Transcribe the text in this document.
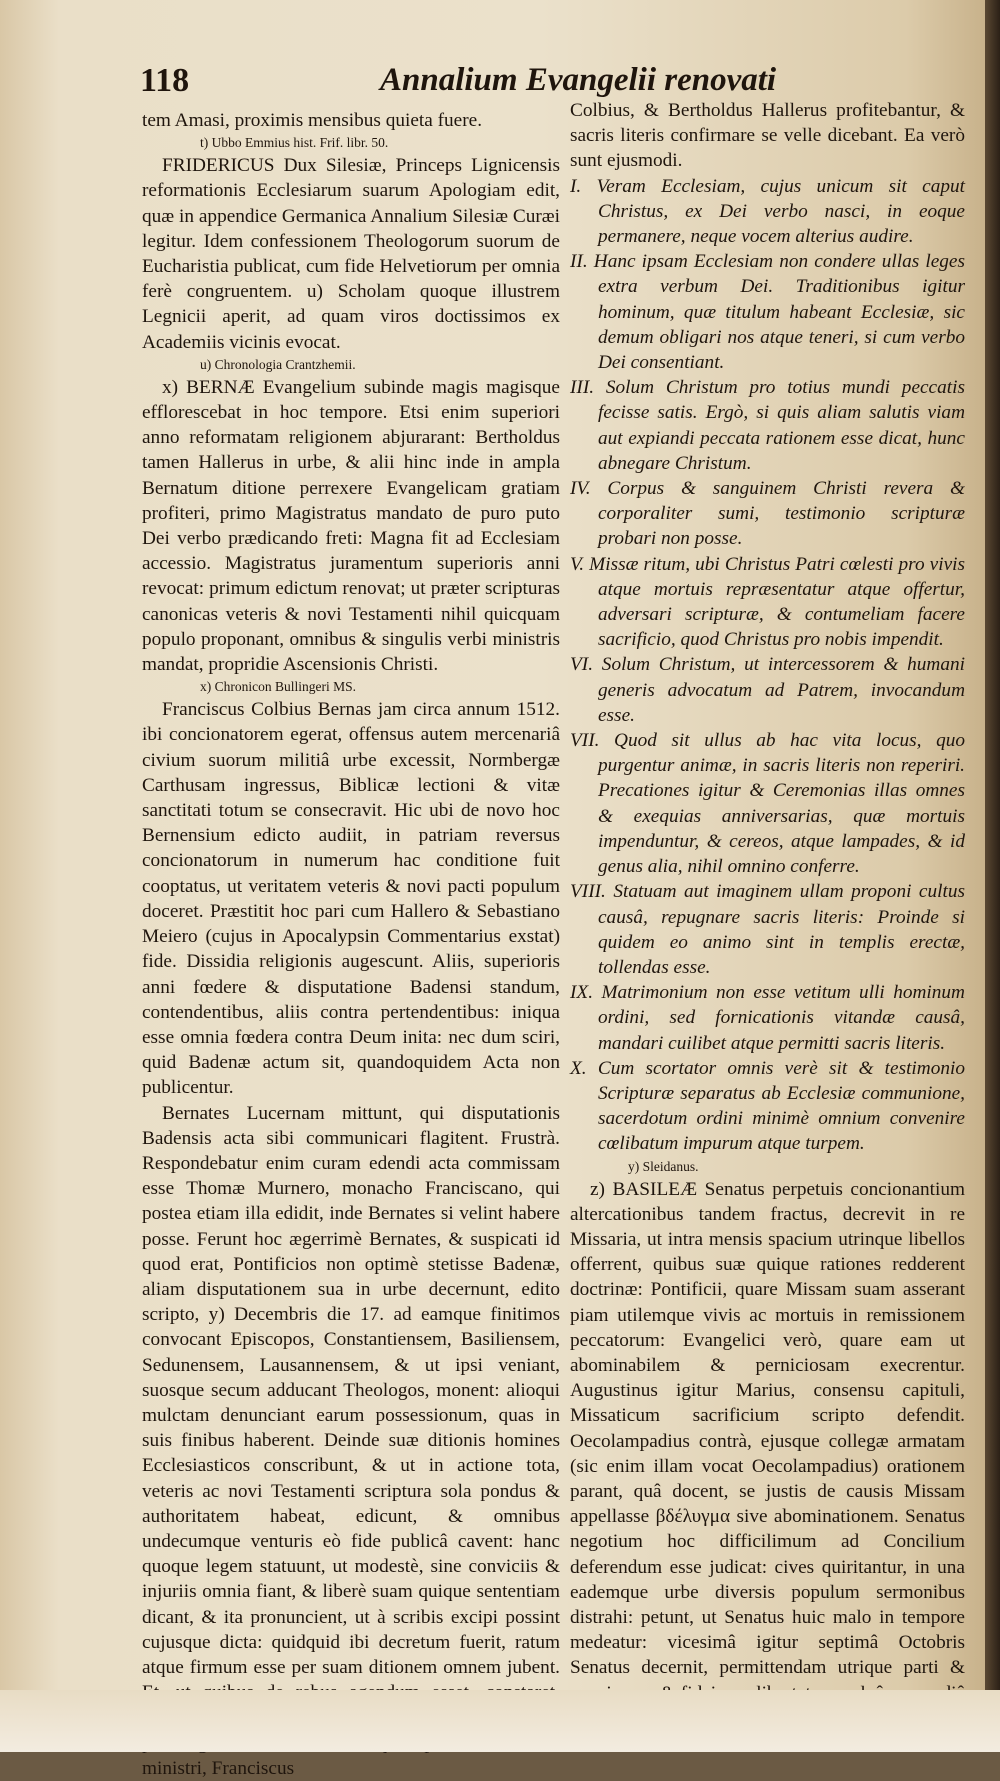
118	Annalium Evangelii renovati

tem Amasi, proximis mensibus quieta fuere.

t) Ubbo Emmius hist. Frif. libr. 50.

FRIDERICUS Dux Silesiæ, Princeps Lignicensis reformationis Ecclesiarum suarum Apologiam edit, quæ in appendice Germanica Annalium Silesiæ Curæi legitur. Idem confessionem Theologorum suorum de Eucharistia publicat, cum fide Helvetiorum per omnia ferè congruentem. u) Scholam quoque illustrem Legnicii aperit, ad quam viros doctissimos ex Academiis vicinis evocat.

u) Chronologia Crantzhemii.

x) BERNÆ Evangelium subinde magis magisque efflorescebat in hoc tempore. Etsi enim superiori anno reformatam religionem abjurarant: Bertholdus tamen Hallerus in urbe, & alii hinc inde in ampla Bernatum ditione perrexere Evangelicam gratiam profiteri, primo Magistratus mandato de puro puto Dei verbo prædicando freti: Magna fit ad Ecclesiam accessio. Magistratus juramentum superioris anni revocat: primum edictum renovat; ut præter scripturas canonicas veteris & novi Testamenti nihil quicquam populo proponant, omnibus & singulis verbi ministris mandat, propridie Ascensionis Christi.

x) Chronicon Bullingeri MS.

Franciscus Colbius Bernas jam circa annum 1512. ibi concionatorem egerat, offensus autem mercenariâ civium suorum militiâ urbe excessit, Normbergæ Carthusam ingressus, Biblicæ lectioni & vitæ sanctitati totum se consecravit. Hic ubi de novo hoc Bernensium edicto audiit, in patriam reversus concionatorum in numerum hac conditione fuit cooptatus, ut veritatem veteris & novi pacti populum doceret. Præstitit hoc pari cum Hallero & Sebastiano Meiero (cujus in Apocalypsin Commentarius exstat) fide. Dissidia religionis augescunt. Aliis, superioris anni fœdere & disputatione Badensi standum, contendentibus, aliis contra pertendentibus: iniqua esse omnia fœdera contra Deum inita: nec dum sciri, quid Badenæ actum sit, quandoquidem Acta non publicentur.

Bernates Lucernam mittunt, qui disputationis Badensis acta sibi communicari flagitent. Frustrà. Respondebatur enim curam edendi acta commissam esse Thomæ Murnero, monacho Franciscano, qui postea etiam illa edidit, inde Bernates si velint habere posse. Ferunt hoc ægerrimè Bernates, & suspicati id quod erat, Pontificios non optimè stetisse Badenæ, aliam disputationem sua in urbe decernunt, edito scripto, y) Decembris die 17. ad eamque finitimos convocant Episcopos, Constantiensem, Basiliensem, Sedunensem, Lausannensem, & ut ipsi veniant, suosque secum adducant Theologos, monent: alioqui mulctam denunciant earum possessionum, quas in suis finibus haberent. Deinde suæ ditionis homines Ecclesiasticos conscribunt, & ut in actione tota, veteris ac novi Testamenti scriptura sola pondus & authoritatem habeat, edicunt, & omnibus undecumque venturis eò fide publicâ cavent: hanc quoque legem statuunt, ut modestè, sine conviciis & injuriis omnia fiant, & liberè suam quique sententiam dicant, & ita pronuncient, ut à scribis excipi possint cujusque dicta: quidquid ibi decretum fuerit, ratum atque firmum esse per suam ditionem omnem jubent. ministri, Franciscus

Colbius, & Bertholdus Hallerus profitebantur, & sacris literis confirmare se velle dicebant. Ea verò sunt ejusmodi.

I. Veram Ecclesiam, cujus unicum sit caput Christus, ex Dei verbo nasci, in eoque permanere, neque vocem alterius audire.

II. Hanc ipsam Ecclesiam non condere ullas leges extra verbum Dei. Traditionibus igitur hominum, quæ titulum habeant Ecclesiæ, sic demum obligari nos atque teneri, si cum verbo Dei consentiant.

III. Solum Christum pro totius mundi peccatis fecisse satis. Ergò, si quis aliam salutis viam aut expiandi peccata rationem esse dicat, hunc abnegare Christum.

IV. Corpus & sanguinem Christi revera & corporaliter sumi, testimonio scripturæ probari non posse.

V. Missæ ritum, ubi Christus Patri cœlesti pro vivis atque mortuis repræsentatur atque offertur, adversari scripturæ, & contumeliam facere sacrificio, quod Christus pro nobis impendit.

VI. Solum Christum, ut intercessorem & humani generis advocatum ad Patrem, invocandum esse.

VII. Quod sit ullus ab hac vita locus, quo purgentur animæ, in sacris literis non reperiri. Precationes igitur & Ceremonias illas omnes & exequias anniversarias, quæ mortuis impenduntur, & cereos, atque lampades, & id genus alia, nihil omnino conferre.

VIII. Statuam aut imaginem ullam proponi cultus causâ, repugnare sacris literis: Proinde si quidem eo animo sint in templis erectæ, tollendas esse.

IX. Matrimonium non esse vetitum ulli hominum ordini, sed fornicationis vitandæ causâ, mandari cuilibet atque permitti sacris literis.

X. Cum scortator omnis verè sit & testimonio Scripturæ separatus ab Ecclesiæ communione, sacerdotum ordini minimè omnium convenire cœlibatum impurum atque turpem.

y) Sleidanus.

z) BASILEÆ Senatus perpetuis concionantium altercationibus tandem fractus, decrevit in re Missaria, ut intra mensis spacium utrinque libellos offerrent, quibus suæ quique rationes redderent doctrinæ: Pontificii, quare Missam suam asserant piam utilemque vivis ac mortuis in remissionem peccatorum: Evangelici verò, quare eam ut abominabilem & perniciosam execrentur. Augustinus igitur Marius, consensu capituli, Missaticum sacrificium scripto defendit. Oecolampadius contrà, ejusque collegæ armatam (sic enim illam vocat Oecolampadius) orationem parant, quâ docent, se justis de causis Missam appellasse βδέλυγμα sive abominationem. Senatus negotium hoc difficilimum ad Concilium deferendum esse judicat: cives quiritantur, in una eademque urbe diversis populum sermonibus distrahi: petunt, ut Senatus huic malo in tempore medeatur: vicesimâ igitur septimâ Octobris Senatus decernit, permittendam utrique parti &
